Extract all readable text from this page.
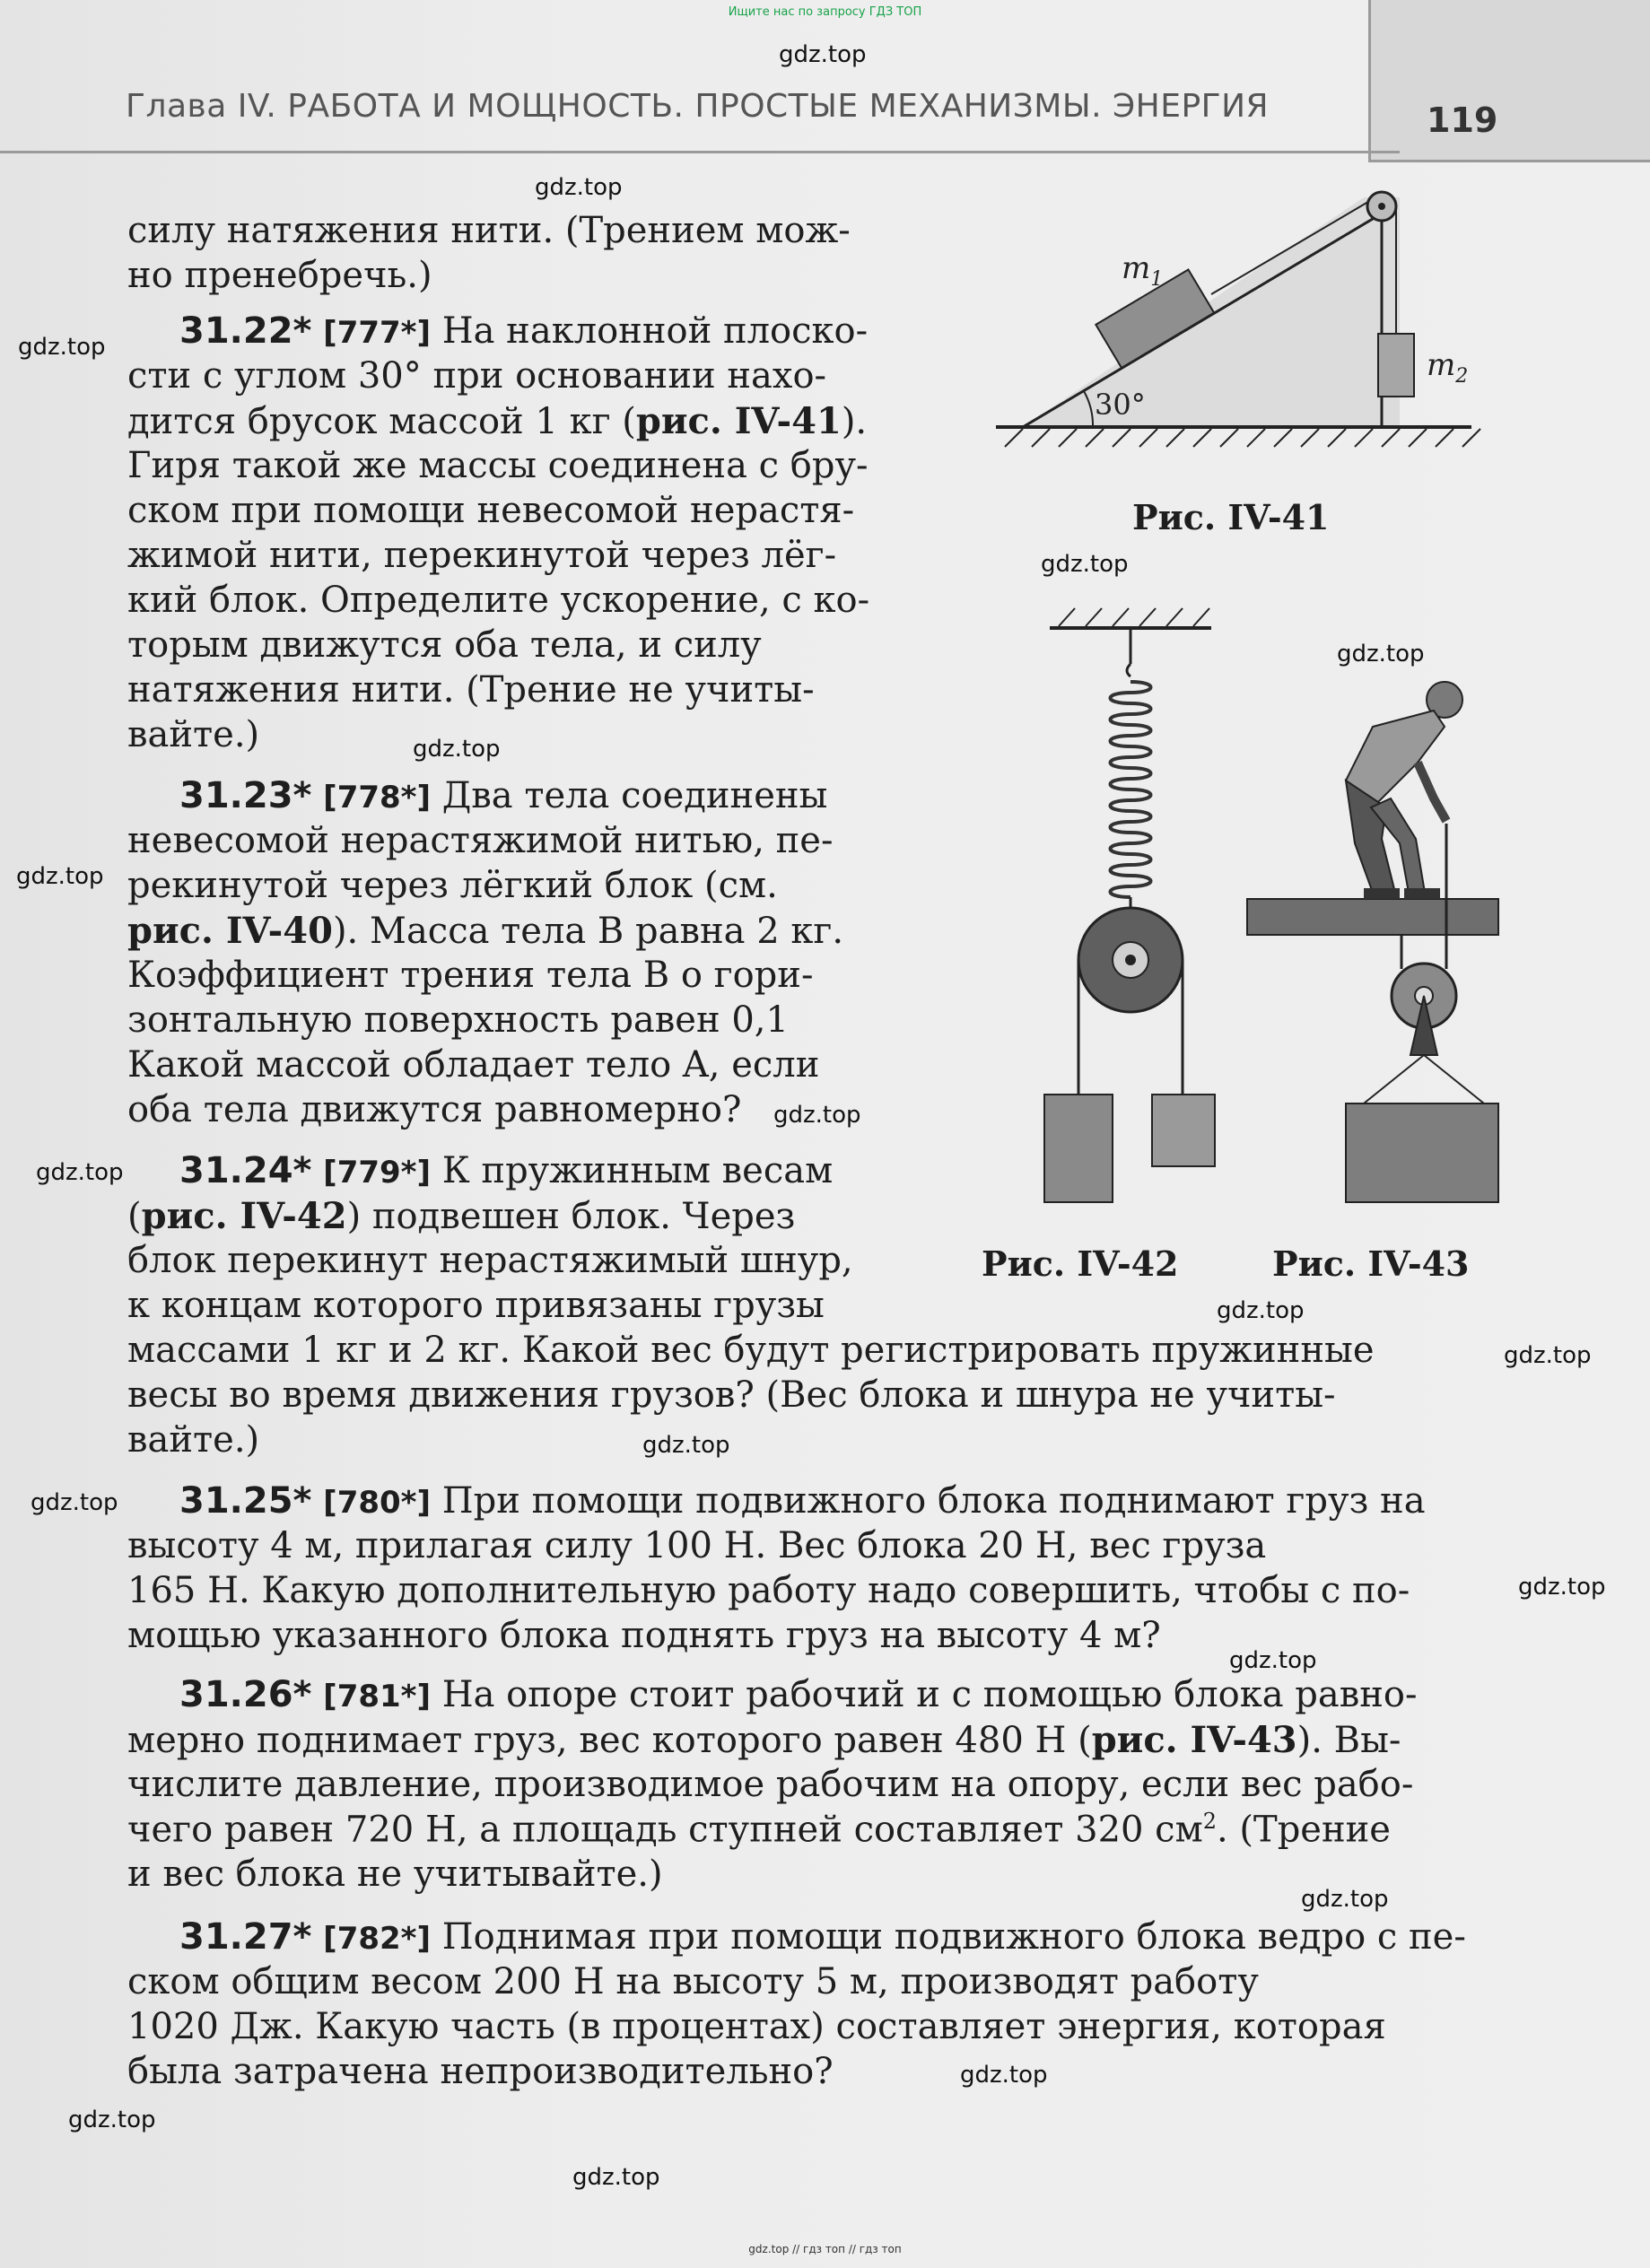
Ищите нас по запросу ГДЗ ТОП
119
Глава IV. РАБОТА И МОЩНОСТЬ. ПРОСТЫЕ МЕХАНИЗМЫ. ЭНЕРГИЯ
gdz.top
gdz.top
gdz.top
gdz.top
gdz.top
gdz.top
gdz.top
gdz.top
gdz.top
gdz.top
gdz.top
gdz.top
gdz.top
gdz.top
gdz.top
gdz.top
gdz.top
gdz.top
gdz.top
силу натяжения нити. (Трением мож-
но пренебречь.)
31.22* [777*] На наклонной плоско-
сти с углом 30° при основании нахо-
дится брусок массой 1 кг (рис. IV-41).
Гиря такой же массы соединена с бру-
ском при помощи невесомой нерастя-
жимой нити, перекинутой через лёг-
кий блок. Определите ускорение, с ко-
торым движутся оба тела, и силу
натяжения нити. (Трение не учиты-
вайте.)
31.23* [778*] Два тела соединены
невесомой нерастяжимой нитью, пе-
рекинутой через лёгкий блок (см.
рис. IV-40). Масса тела B равна 2 кг.
Коэффициент трения тела B о гори-
зонтальную поверхность равен 0,1
Какой массой обладает тело A, если
оба тела движутся равномерно?
31.24* [779*] К пружинным весам
(рис. IV-42) подвешен блок. Через
блок перекинут нерастяжимый шнур,
к концам которого привязаны грузы
массами 1 кг и 2 кг. Какой вес будут регистрировать пружинные
весы во время движения грузов? (Вес блока и шнура не учиты-
вайте.)
31.25* [780*] При помощи подвижного блока поднимают груз на
высоту 4 м, прилагая силу 100 Н. Вес блока 20 Н, вес груза
165 Н. Какую дополнительную работу надо совершить, чтобы с по-
мощью указанного блока поднять груз на высоту 4 м?
31.26* [781*] На опоре стоит рабочий и с помощью блока равно-
мерно поднимает груз, вес которого равен 480 Н (рис. IV-43). Вы-
числите давление, производимое рабочим на опору, если вес рабо-
чего равен 720 Н, а площадь ступней составляет 320 $см^2$. (Трение
и вес блока не учитывайте.)
31.27* [782*] Поднимая при помощи подвижного блока ведро с пе-
ском общим весом 200 Н на высоту 5 м, производят работу
1020 Дж. Какую часть (в процентах) составляет энергия, которая
была затрачена непроизводительно?
30°
$m_1$
$m_2$
Рис. IV-41
Рис. IV-42	Рис. IV-43
gdz.top // гдз топ // гдз топ
